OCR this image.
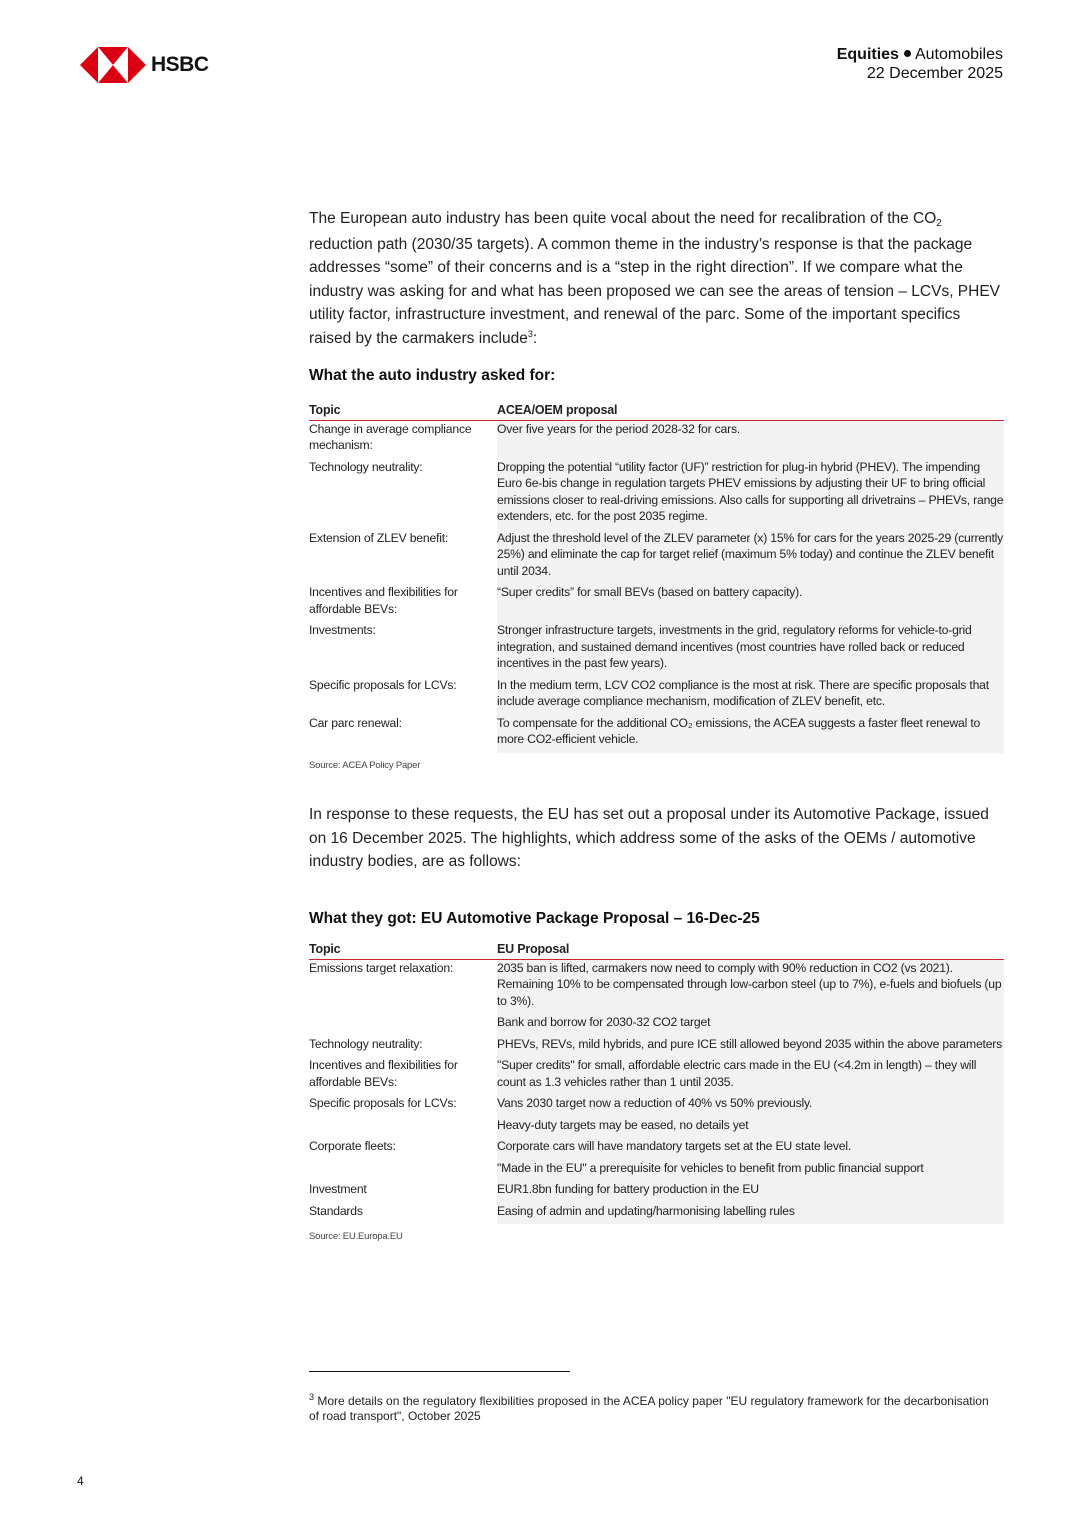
HSBC	Equities Automobiles
22 December 2025

The European auto industry has been quite vocal about the need for recalibration of the CO2 reduction path (2030/35 targets). A common theme in the industry’s response is that the package addresses “some” of their concerns and is a “step in the right direction”. If we compare what the industry was asking for and what has been proposed we can see the areas of tension – LCVs, PHEV utility factor, infrastructure investment, and renewal of the parc. Some of the important specifics raised by the carmakers include$^3$:

What the auto industry asked for:
Topic	ACEA/OEM proposal
Change in average compliance mechanism:	Over five years for the period 2028-32 for cars.
Technology neutrality:	Dropping the potential “utility factor (UF)” restriction for plug-in hybrid (PHEV). The impending Euro 6e-bis change in regulation targets PHEV emissions by adjusting their UF to bring official emissions closer to real-driving emissions. Also calls for supporting all drivetrains – PHEVs, range extenders, etc. for the post 2035 regime.
Extension of ZLEV benefit:	Adjust the threshold level of the ZLEV parameter (x) 15% for cars for the years 2025-29 (currently 25%) and eliminate the cap for target relief (maximum 5% today) and continue the ZLEV benefit until 2034.
Incentives and flexibilities for affordable BEVs:	“Super credits” for small BEVs (based on battery capacity).
Investments:	Stronger infrastructure targets, investments in the grid, regulatory reforms for vehicle-to-grid integration, and sustained demand incentives (most countries have rolled back or reduced incentives in the past few years).
Specific proposals for LCVs:	In the medium term, LCV CO2 compliance is the most at risk. There are specific proposals that include average compliance mechanism, modification of ZLEV benefit, etc.
Car parc renewal:	To compensate for the additional CO₂ emissions, the ACEA suggests a faster fleet renewal to more CO2-efficient vehicle.
Source: ACEA Policy Paper

In response to these requests, the EU has set out a proposal under its Automotive Package, issued on 16 December 2025. The highlights, which address some of the asks of the OEMs / automotive industry bodies, are as follows:

What they got: EU Automotive Package Proposal – 16-Dec-25
Topic	EU Proposal
Emissions target relaxation:	2035 ban is lifted, carmakers now need to comply with 90% reduction in CO2 (vs 2021). Remaining 10% to be compensated through low-carbon steel (up to 7%), e-fuels and biofuels (up to 3%).
	Bank and borrow for 2030-32 CO2 target
Technology neutrality:	PHEVs, REVs, mild hybrids, and pure ICE still allowed beyond 2035 within the above parameters
Incentives and flexibilities for affordable BEVs:	"Super credits" for small, affordable electric cars made in the EU (<4.2m in length) – they will count as 1.3 vehicles rather than 1 until 2035.
Specific proposals for LCVs:	Vans 2030 target now a reduction of 40% vs 50% previously.
	Heavy-duty targets may be eased, no details yet
Corporate fleets:	Corporate cars will have mandatory targets set at the EU state level.
	"Made in the EU" a prerequisite for vehicles to benefit from public financial support
Investment	EUR1.8bn funding for battery production in the EU
Standards	Easing of admin and updating/harmonising labelling rules
Source: EU.Europa.EU
$^3$ More details on the regulatory flexibilities proposed in the ACEA policy paper "EU regulatory framework for the decarbonisation of road transport", October 2025
4
